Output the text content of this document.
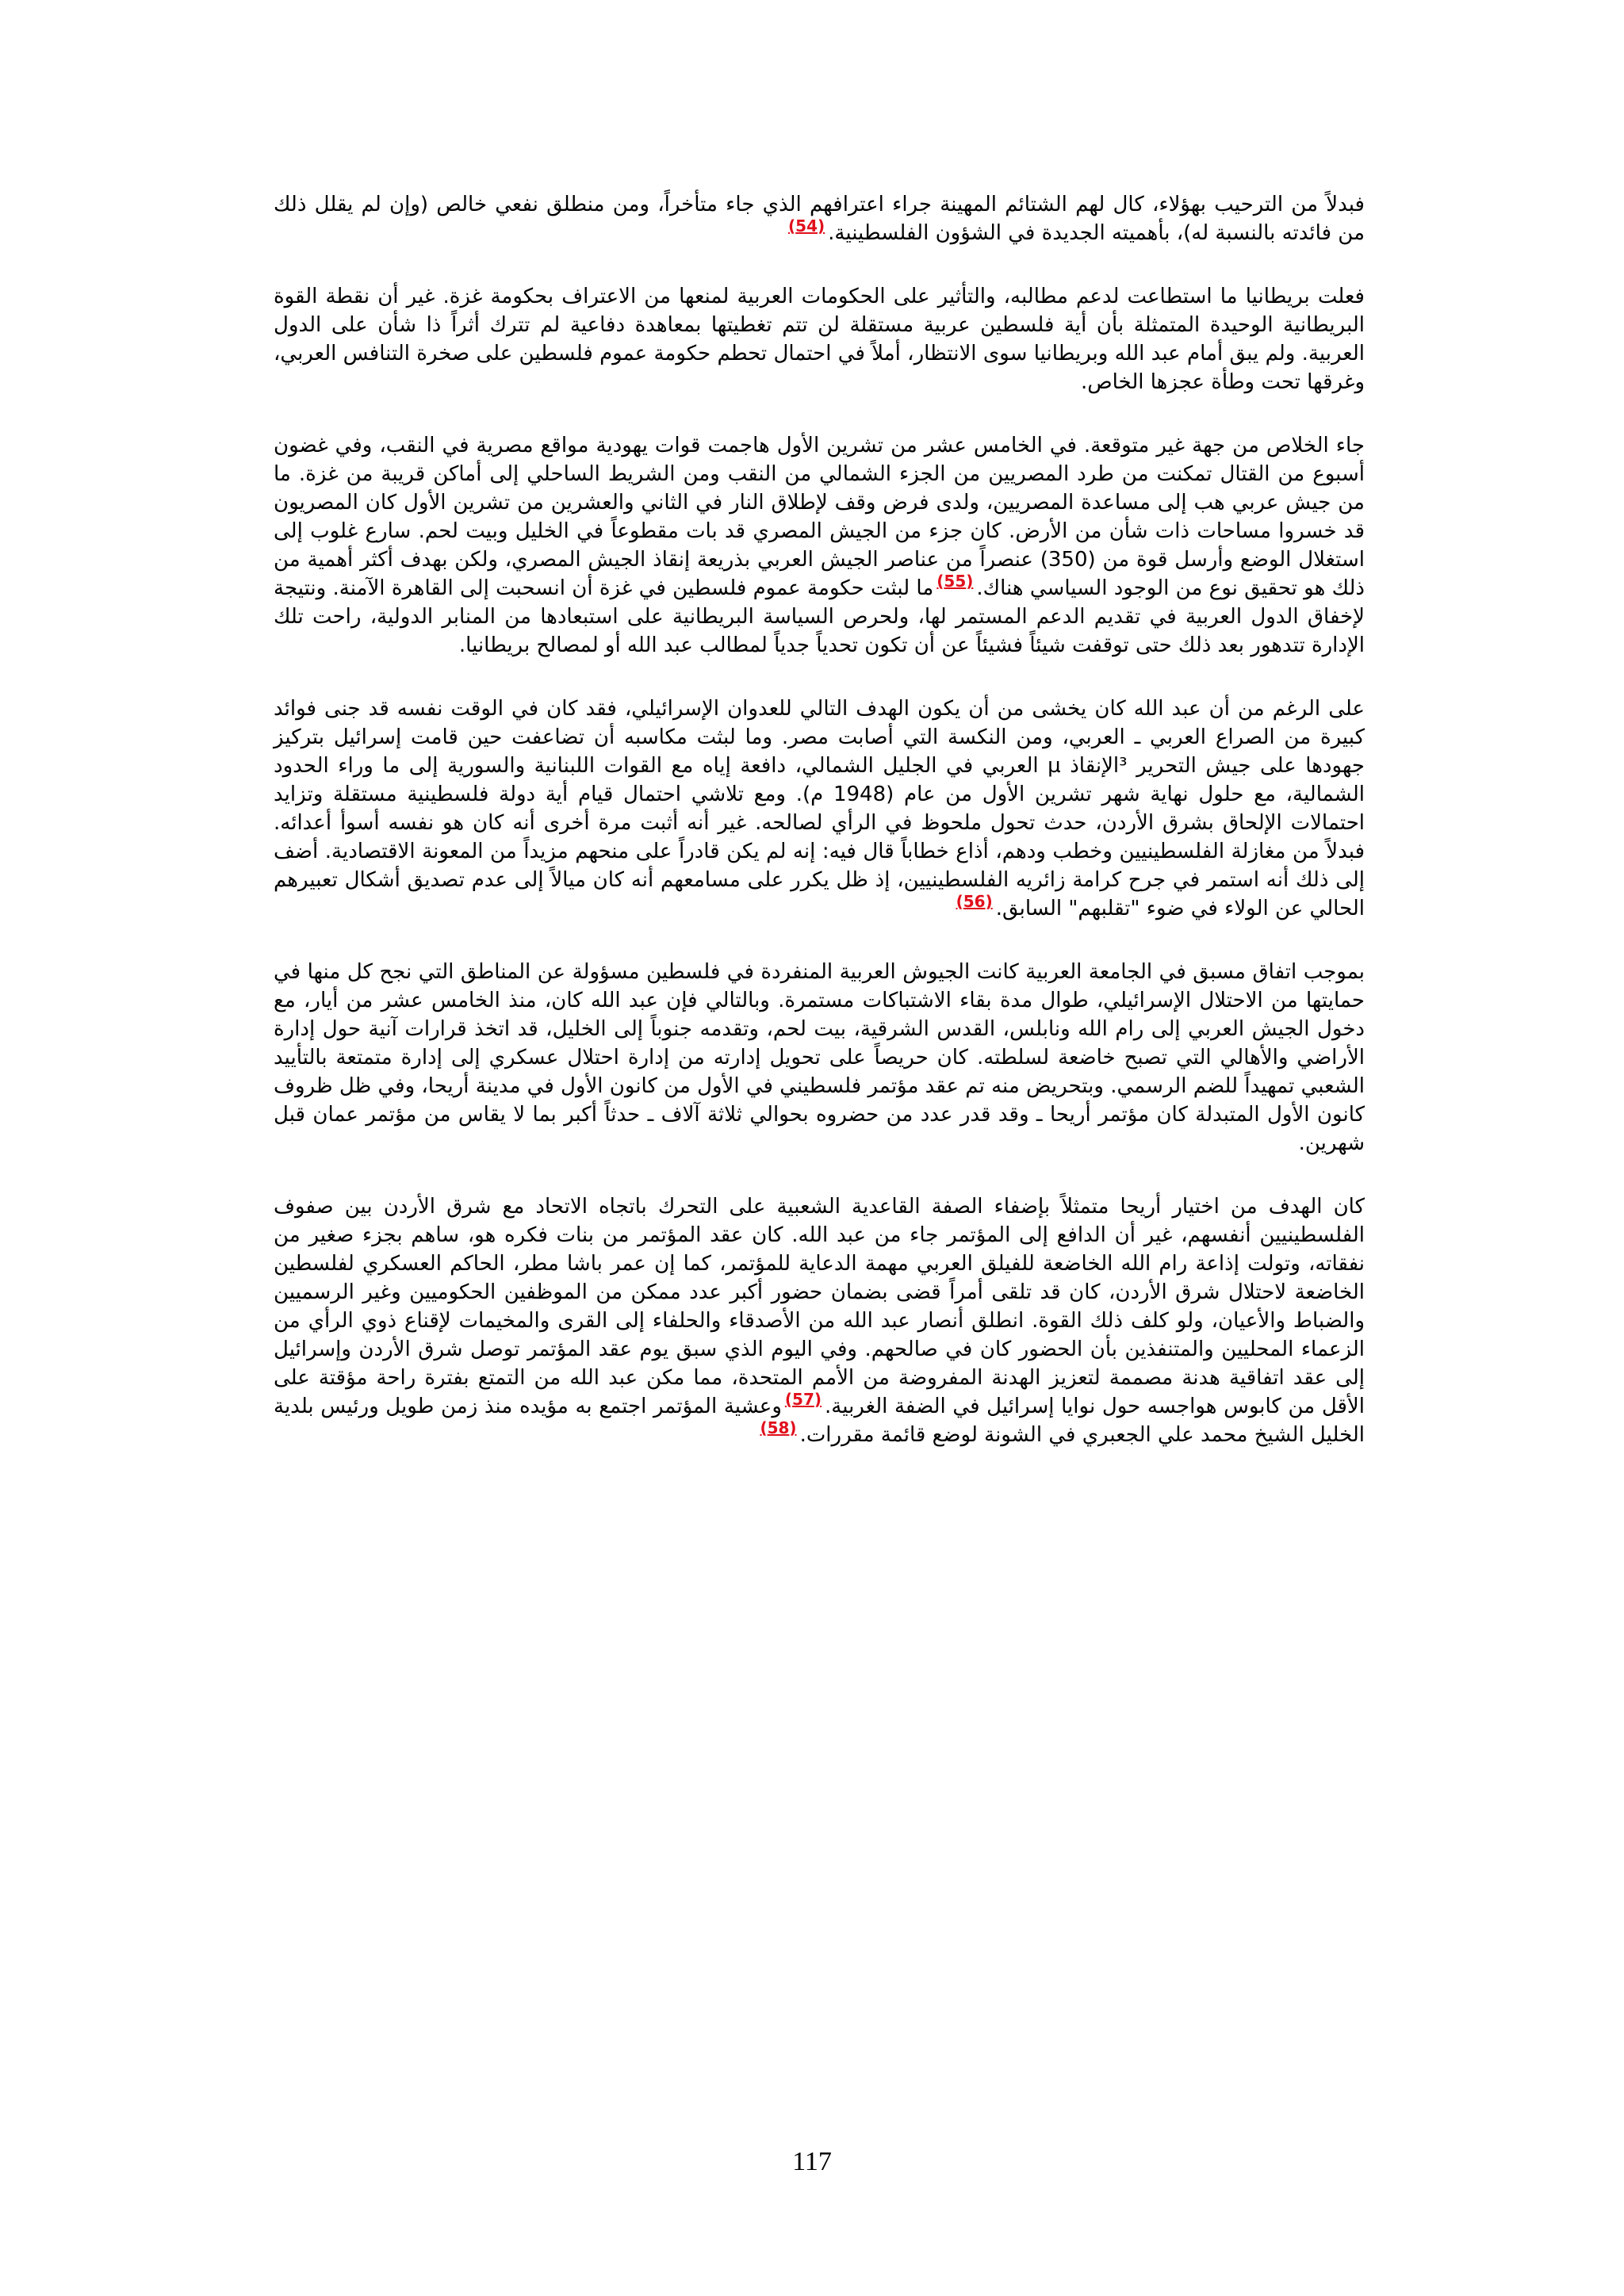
فبدلاً من الترحيب بهؤلاء، كال لهم الشتائم المهينة جراء اعترافهم الذي جاء متأخراً، ومن منطلق نفعي خالص (وإن لم يقلل ذلك من فائدته بالنسبة له)، بأهميته الجديدة في الشؤون الفلسطينية.$^{(54)}$

فعلت بريطانيا ما استطاعت لدعم مطالبه، والتأثير على الحكومات العربية لمنعها من الاعتراف بحكومة غزة. غير أن نقطة القوة البريطانية الوحيدة المتمثلة بأن أية فلسطين عربية مستقلة لن تتم تغطيتها بمعاهدة دفاعية لم تترك أثراً ذا شأن على الدول العربية. ولم يبق أمام عبد الله وبريطانيا سوى الانتظار، أملاً في احتمال تحطم حكومة عموم فلسطين على صخرة التنافس العربي، وغرقها تحت وطأة عجزها الخاص.

جاء الخلاص من جهة غير متوقعة. في الخامس عشر من تشرين الأول هاجمت قوات يهودية مواقع مصرية في النقب، وفي غضون أسبوع من القتال تمكنت من طرد المصريين من الجزء الشمالي من النقب ومن الشريط الساحلي إلى أماكن قريبة من غزة. ما من جيش عربي هب إلى مساعدة المصريين، ولدى فرض وقف لإطلاق النار في الثاني والعشرين من تشرين الأول كان المصريون قد خسروا مساحات ذات شأن من الأرض. كان جزء من الجيش المصري قد بات مقطوعاً في الخليل وبيت لحم. سارع غلوب إلى استغلال الوضع وأرسل قوة من (350) عنصراً من عناصر الجيش العربي بذريعة إنقاذ الجيش المصري، ولكن بهدف أكثر أهمية من ذلك هو تحقيق نوع من الوجود السياسي هناك.$^{(55)}$ما لبثت حكومة عموم فلسطين في غزة أن انسحبت إلى القاهرة الآمنة. ونتيجة لإخفاق الدول العربية في تقديم الدعم المستمر لها، ولحرص السياسة البريطانية على استبعادها من المنابر الدولية، راحت تلك الإدارة تتدهور بعد ذلك حتى توقفت شيئاً فشيئاً عن أن تكون تحدياً جدياً لمطالب عبد الله أو لمصالح بريطانيا.

على الرغم من أن عبد الله كان يخشى من أن يكون الهدف التالي للعدوان الإسرائيلي، فقد كان في الوقت نفسه قد جنى فوائد كبيرة من الصراع العربي ـ العربي، ومن النكسة التي أصابت مصر. وما لبثت مكاسبه أن تضاعفت حين قامت إسرائيل بتركيز جهودها على جيش التحرير ³الإنقاذ µ العربي في الجليل الشمالي، دافعة إياه مع القوات اللبنانية والسورية إلى ما وراء الحدود الشمالية، مع حلول نهاية شهر تشرين الأول من عام (1948 م). ومع تلاشي احتمال قيام أية دولة فلسطينية مستقلة وتزايد احتمالات الإلحاق بشرق الأردن، حدث تحول ملحوظ في الرأي لصالحه. غير أنه أثبت مرة أخرى أنه كان هو نفسه أسوأ أعدائه. فبدلاً من مغازلة الفلسطينيين وخطب ودهم، أذاع خطاباً قال فيه: إنه لم يكن قادراً على منحهم مزيداً من المعونة الاقتصادية. أضف إلى ذلك أنه استمر في جرح كرامة زائريه الفلسطينيين، إذ ظل يكرر على مسامعهم أنه كان ميالاً إلى عدم تصديق أشكال تعبيرهم الحالي عن الولاء في ضوء "تقلبهم" السابق.$^{(56)}$

بموجب اتفاق مسبق في الجامعة العربية كانت الجيوش العربية المنفردة في فلسطين مسؤولة عن المناطق التي نجح كل منها في حمايتها من الاحتلال الإسرائيلي، طوال مدة بقاء الاشتباكات مستمرة. وبالتالي فإن عبد الله كان، منذ الخامس عشر من أيار، مع دخول الجيش العربي إلى رام الله ونابلس، القدس الشرقية، بيت لحم، وتقدمه جنوباً إلى الخليل، قد اتخذ قرارات آنية حول إدارة الأراضي والأهالي التي تصبح خاضعة لسلطته. كان حريصاً على تحويل إدارته من إدارة احتلال عسكري إلى إدارة متمتعة بالتأييد الشعبي تمهيداً للضم الرسمي. وبتحريض منه تم عقد مؤتمر فلسطيني في الأول من كانون الأول في مدينة أريحا، وفي ظل ظروف كانون الأول المتبدلة كان مؤتمر أريحا ـ وقد قدر عدد من حضروه بحوالي ثلاثة آلاف ـ حدثاً أكبر بما لا يقاس من مؤتمر عمان قبل شهرين.

كان الهدف من اختيار أريحا متمثلاً بإضفاء الصفة القاعدية الشعبية على التحرك باتجاه الاتحاد مع شرق الأردن بين صفوف الفلسطينيين أنفسهم، غير أن الدافع إلى المؤتمر جاء من عبد الله. كان عقد المؤتمر من بنات فكره هو، ساهم بجزء صغير من نفقاته، وتولت إذاعة رام الله الخاضعة للفيلق العربي مهمة الدعاية للمؤتمر، كما إن عمر باشا مطر، الحاكم العسكري لفلسطين الخاضعة لاحتلال شرق الأردن، كان قد تلقى أمراً قضى بضمان حضور أكبر عدد ممكن من الموظفين الحكوميين وغير الرسميين والضباط والأعيان، ولو كلف ذلك القوة. انطلق أنصار عبد الله من الأصدقاء والحلفاء إلى القرى والمخيمات لإقناع ذوي الرأي من الزعماء المحليين والمتنفذين بأن الحضور كان في صالحهم. وفي اليوم الذي سبق يوم عقد المؤتمر توصل شرق الأردن وإسرائيل إلى عقد اتفاقية هدنة مصممة لتعزيز الهدنة المفروضة من الأمم المتحدة، مما مكن عبد الله من التمتع بفترة راحة مؤقتة على الأقل من كابوس هواجسه حول نوايا إسرائيل في الضفة الغربية.$^{(57)}$وعشية المؤتمر اجتمع به مؤيده منذ زمن طويل ورئيس بلدية الخليل الشيخ محمد علي الجعبري في الشونة لوضع قائمة مقررات.$^{(58)}$

117
